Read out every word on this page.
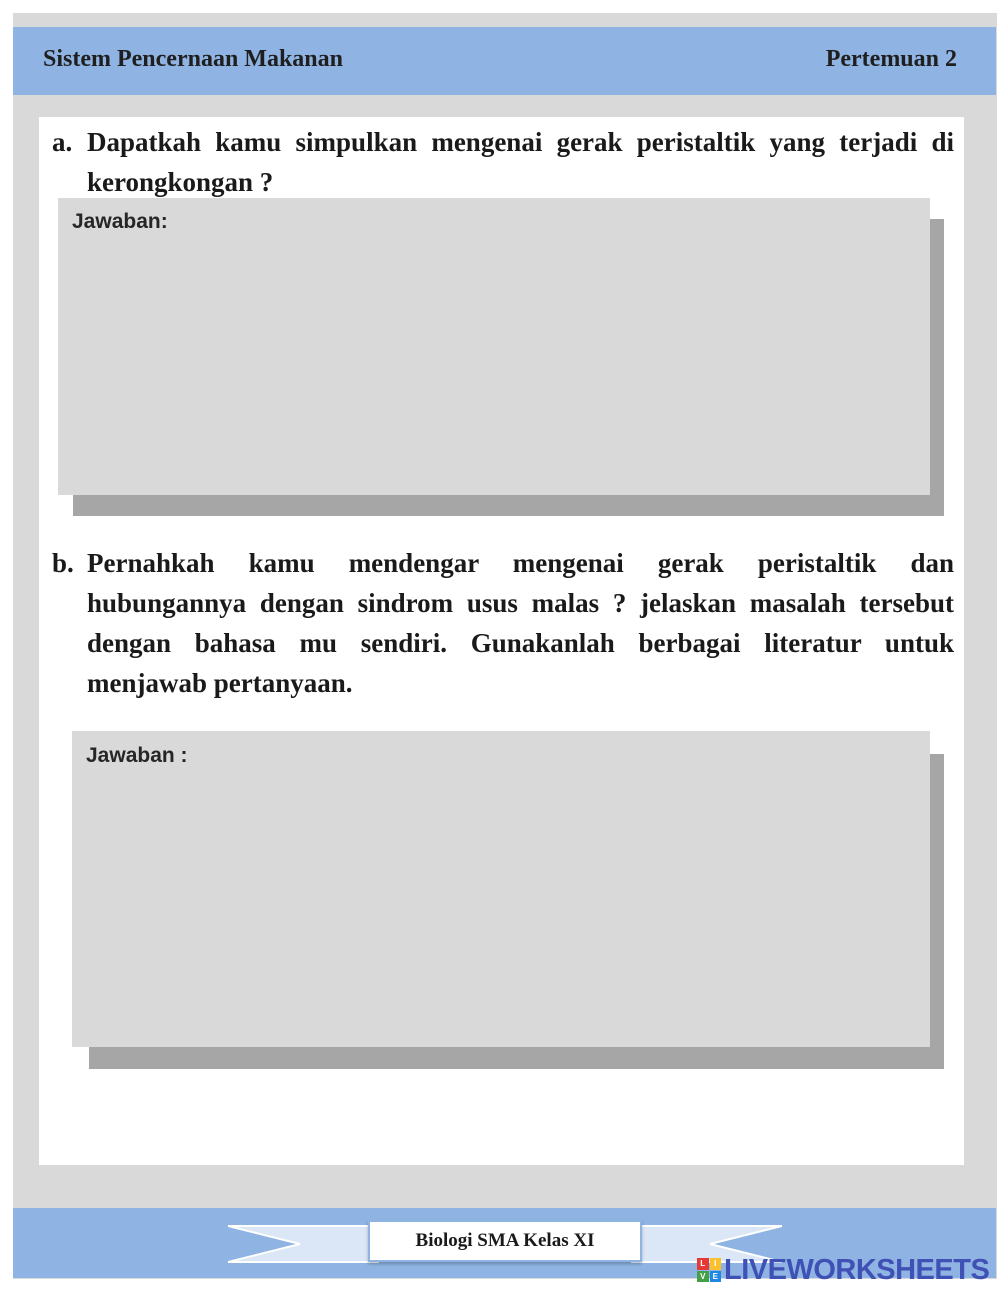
Sistem Pencernaan Makanan	Pertemuan 2
a. Dapatkah kamu simpulkan mengenai gerak peristaltik yang terjadi di kerongkongan ?
Jawaban:
b. Pernahkah kamu mendengar mengenai gerak peristaltik dan hubungannya dengan sindrom usus malas ? jelaskan masalah tersebut dengan bahasa mu sendiri. Gunakanlah berbagai literatur untuk menjawab pertanyaan.
Jawaban :
Biologi SMA Kelas XI
L	I
V E LIVEWORKSHEETS
